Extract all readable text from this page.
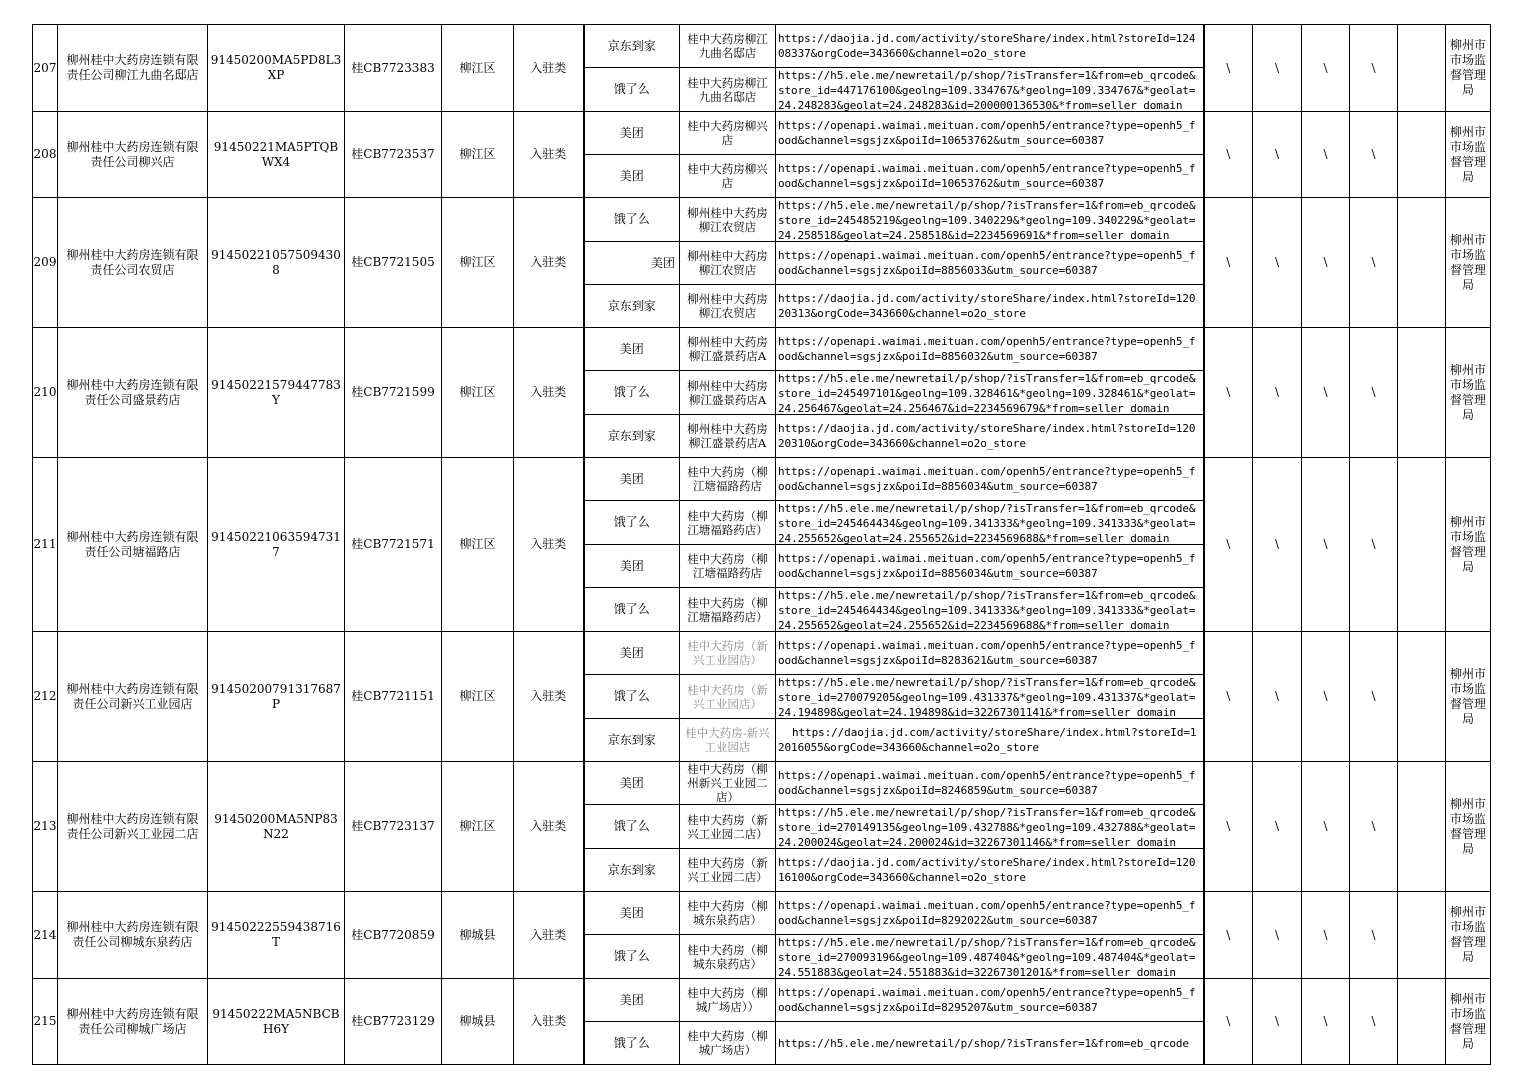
207	柳州桂中大药房连锁有限责任公司柳江九曲名邸店	91450200MA5PD8L3XP	桂CB7723383	柳江区	入驻类	京东到家	桂中大药房柳江九曲名邸店	https://daojia.jd.com/activity/storeShare/index.html?storeId=12408337&orgCode=343660&channel=o2o_store	\	\	\	\		柳州市市场监督管理局
						饿了么	桂中大药房柳江九曲名邸店	https://h5.ele.me/newretail/p/shop/?isTransfer=1&from=eb_qrcode&store_id=447176100&geolng=109.334767&*geolng=109.334767&*geolat=24.248283&geolat=24.248283&id=200000136530&*from=seller_domain						

208	柳州桂中大药房连锁有限责任公司柳兴店	91450221MA5PTQBWX4	桂CB7723537	柳江区	入驻类	美团	桂中大药房柳兴店	https://openapi.waimai.meituan.com/openh5/entrance?type=openh5_food&channel=sgsjzx&poiId=10653762&utm_source=60387	\	\	\	\		柳州市市场监督管理局
						美团	桂中大药房柳兴店	https://openapi.waimai.meituan.com/openh5/entrance?type=openh5_food&channel=sgsjzx&poiId=10653762&utm_source=60387						

209	柳州桂中大药房连锁有限责任公司农贸店	914502210575094308	桂CB7721505	柳江区	入驻类	饿了么	柳州桂中大药房柳江农贸店	https://h5.ele.me/newretail/p/shop/?isTransfer=1&from=eb_qrcode&store_id=245485219&geolng=109.340229&*geolng=109.340229&*geolat=24.258518&geolat=24.258518&id=2234569691&*from=seller_domain	\	\	\	\		柳州市市场监督管理局
						美团	柳州桂中大药房柳江农贸店	https://openapi.waimai.meituan.com/openh5/entrance?type=openh5_food&channel=sgsjzx&poiId=8856033&utm_source=60387						

						京东到家	柳州桂中大药房柳江农贸店	https://daojia.jd.com/activity/storeShare/index.html?storeId=12020313&orgCode=343660&channel=o2o_store						

210	柳州桂中大药房连锁有限责任公司盛景药店	91450221579447783Y	桂CB7721599	柳江区	入驻类	美团	柳州桂中大药房柳江盛景药店A	https://openapi.waimai.meituan.com/openh5/entrance?type=openh5_food&channel=sgsjzx&poiId=8856032&utm_source=60387	\	\	\	\		柳州市市场监督管理局
						饿了么	柳州桂中大药房柳江盛景药店A	https://h5.ele.me/newretail/p/shop/?isTransfer=1&from=eb_qrcode&store_id=245497101&geolng=109.328461&*geolng=109.328461&*geolat=24.256467&geolat=24.256467&id=2234569679&*from=seller_domain						

						京东到家	柳州桂中大药房柳江盛景药店A	https://daojia.jd.com/activity/storeShare/index.html?storeId=12020310&orgCode=343660&channel=o2o_store						

211	柳州桂中大药房连锁有限责任公司塘福路店	914502210635947317	桂CB7721571	柳江区	入驻类	美团	桂中大药房（柳江塘福路药店	https://openapi.waimai.meituan.com/openh5/entrance?type=openh5_food&channel=sgsjzx&poiId=8856034&utm_source=60387	\	\	\	\		柳州市市场监督管理局
						饿了么	桂中大药房（柳江塘福路药店）	https://h5.ele.me/newretail/p/shop/?isTransfer=1&from=eb_qrcode&store_id=245464434&geolng=109.341333&*geolng=109.341333&*geolat=24.255652&geolat=24.255652&id=2234569688&*from=seller_domain						

						美团	桂中大药房（柳江塘福路药店	https://openapi.waimai.meituan.com/openh5/entrance?type=openh5_food&channel=sgsjzx&poiId=8856034&utm_source=60387						

						饿了么	桂中大药房（柳江塘福路药店）	https://h5.ele.me/newretail/p/shop/?isTransfer=1&from=eb_qrcode&store_id=245464434&geolng=109.341333&*geolng=109.341333&*geolat=24.255652&geolat=24.255652&id=2234569688&*from=seller_domain						

212	柳州桂中大药房连锁有限责任公司新兴工业园店	91450200791317687P	桂CB7721151	柳江区	入驻类	美团	桂中大药房（新兴工业园店）	https://openapi.waimai.meituan.com/openh5/entrance?type=openh5_food&channel=sgsjzx&poiId=8283621&utm_source=60387	\	\	\	\		柳州市市场监督管理局
						饿了么	桂中大药房（新兴工业园店）	https://h5.ele.me/newretail/p/shop/?isTransfer=1&from=eb_qrcode&store_id=270079205&geolng=109.431337&*geolng=109.431337&*geolat=24.194898&geolat=24.194898&id=32267301141&*from=seller_domain						

						京东到家	桂中大药房-新兴工业园店	https://daojia.jd.com/activity/storeShare/index.html?storeId=12016055&orgCode=343660&channel=o2o_store						

213	柳州桂中大药房连锁有限责任公司新兴工业园二店	91450200MA5NP83N22	桂CB7723137	柳江区	入驻类	美团	桂中大药房（柳州新兴工业园二店）	https://openapi.waimai.meituan.com/openh5/entrance?type=openh5_food&channel=sgsjzx&poiId=8246859&utm_source=60387	\	\	\	\		柳州市市场监督管理局
						饿了么	桂中大药房（新兴工业园二店）	https://h5.ele.me/newretail/p/shop/?isTransfer=1&from=eb_qrcode&store_id=270149135&geolng=109.432788&*geolng=109.432788&*geolat=24.200024&geolat=24.200024&id=32267301146&*from=seller_domain						

						京东到家	桂中大药房（新兴工业园二店）	https://daojia.jd.com/activity/storeShare/index.html?storeId=12016100&orgCode=343660&channel=o2o_store						

214	柳州桂中大药房连锁有限责任公司柳城东泉药店	91450222559438716T	桂CB7720859	柳城县	入驻类	美团	桂中大药房（柳城东泉药店）	https://openapi.waimai.meituan.com/openh5/entrance?type=openh5_food&channel=sgsjzx&poiId=8292022&utm_source=60387	\	\	\	\		柳州市市场监督管理局
						饿了么	桂中大药房（柳城东泉药店）	https://h5.ele.me/newretail/p/shop/?isTransfer=1&from=eb_qrcode&store_id=270093196&geolng=109.487404&*geolng=109.487404&*geolat=24.551883&geolat=24.551883&id=32267301201&*from=seller_domain						

215	柳州桂中大药房连锁有限责任公司柳城广场店	91450222MA5NBCBH6Y	桂CB7723129	柳城县	入驻类	美团	桂中大药房（柳城广场店））	https://openapi.waimai.meituan.com/openh5/entrance?type=openh5_food&channel=sgsjzx&poiId=8295207&utm_source=60387	\	\	\	\		柳州市市场监督管理局
						饿了么	桂中大药房（柳城广场店）	https://h5.ele.me/newretail/p/shop/?isTransfer=1&from=eb_qrcode						
